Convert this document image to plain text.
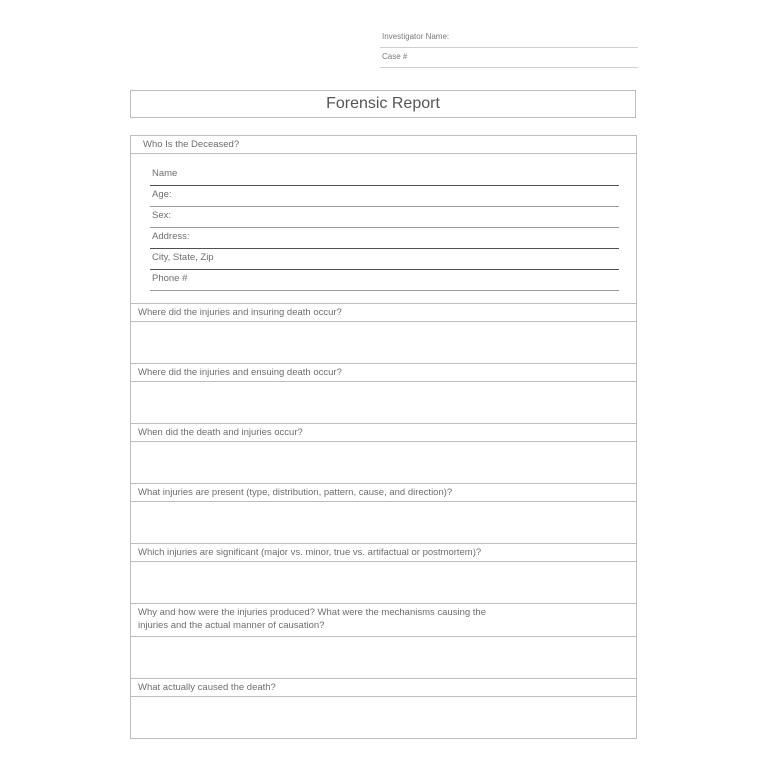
Investigator Name:
Case #
Forensic Report
Who Is the Deceased?
Name
Age:
Sex:
Address:
City, State, Zip
Phone #
Where did the injuries and insuring death occur?
Where did the injuries and ensuing death occur?
When did the death and injuries occur?
What injuries are present (type, distribution, pattern, cause, and direction)?
Which injuries are significant (major vs. minor, true vs. artifactual or postmortem)?
Why and how were the injuries produced? What were the mechanisms causing the
injuries and the actual manner of causation?
What actually caused the death?
